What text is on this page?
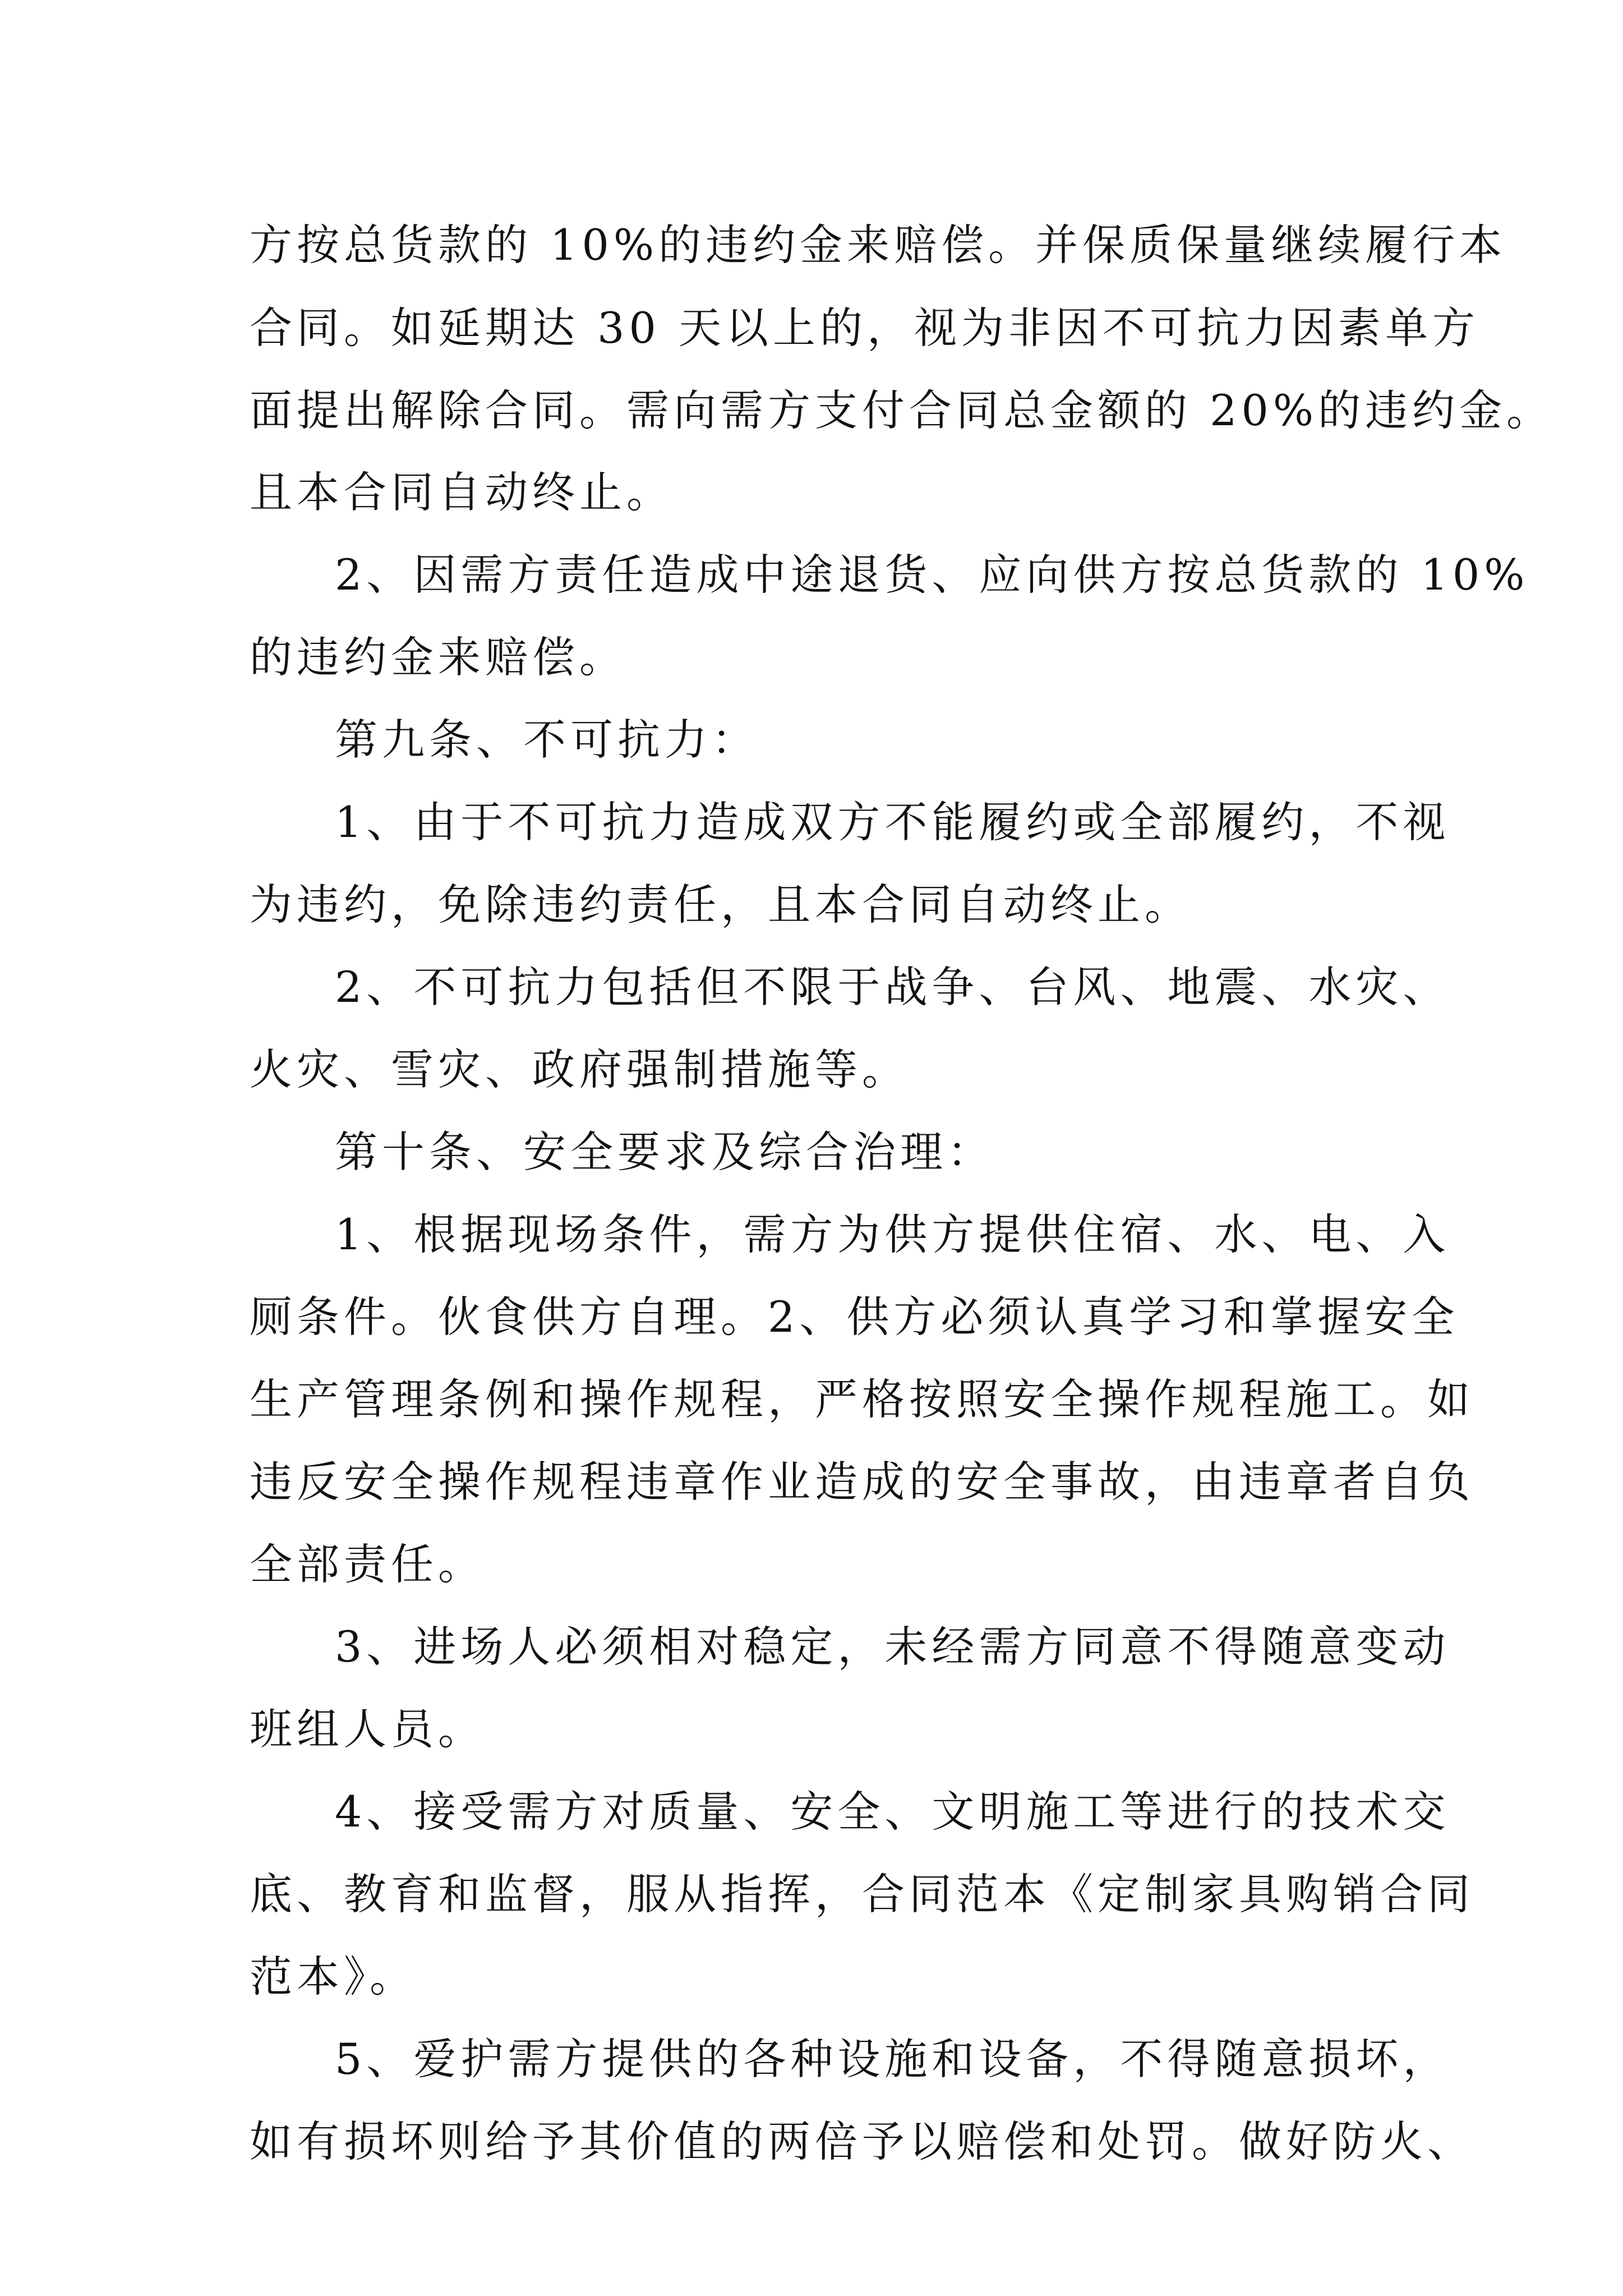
方按总货款的 10%的违约金来赔偿。并保质保量继续履行本
合同。如延期达 30 天以上的，视为非因不可抗力因素单方
面提出解除合同。需向需方支付合同总金额的 20%的违约金。
且本合同自动终止。
2、因需方责任造成中途退货、应向供方按总货款的 10%
的违约金来赔偿。
第九条、不可抗力：
1、由于不可抗力造成双方不能履约或全部履约，不视
为违约，免除违约责任，且本合同自动终止。
2、不可抗力包括但不限于战争、台风、地震、水灾、
火灾、雪灾、政府强制措施等。
第十条、安全要求及综合治理：
1、根据现场条件，需方为供方提供住宿、水、电、入
厕条件。伙食供方自理。2、供方必须认真学习和掌握安全
生产管理条例和操作规程，严格按照安全操作规程施工。如
违反安全操作规程违章作业造成的安全事故，由违章者自负
全部责任。
3、进场人必须相对稳定，未经需方同意不得随意变动
班组人员。
4、接受需方对质量、安全、文明施工等进行的技术交
底、教育和监督，服从指挥，合同范本《定制家具购销合同
范本》。
5、爱护需方提供的各种设施和设备，不得随意损坏，
如有损坏则给予其价值的两倍予以赔偿和处罚。做好防火、
